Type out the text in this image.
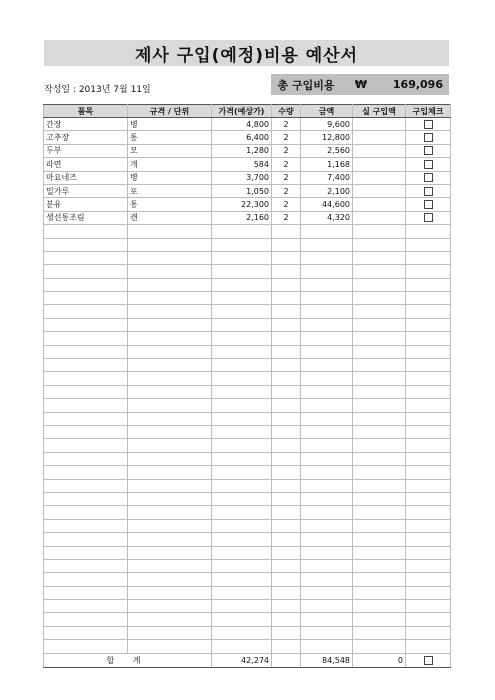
제사 구입(예정)비용 예산서
작성일 : 2013년 7월 11일	총 구입비용	₩	169,096
품목	규격 / 단위	가격(예상가)	수량	금액	실 구입액	구입체크
간장	병	4,800	2	9,600		
고추장	통	6,400	2	12,800		
두부	모	1,280	2	2,560		
라면	개	584	2	1,168		
마요네즈	병	3,700	2	7,400		
밀가루	포	1,050	2	2,100		
분유	통	22,300	2	44,600		
생선통조림	캔	2,160	2	4,320		

합 계		42,274		84,548	0	
